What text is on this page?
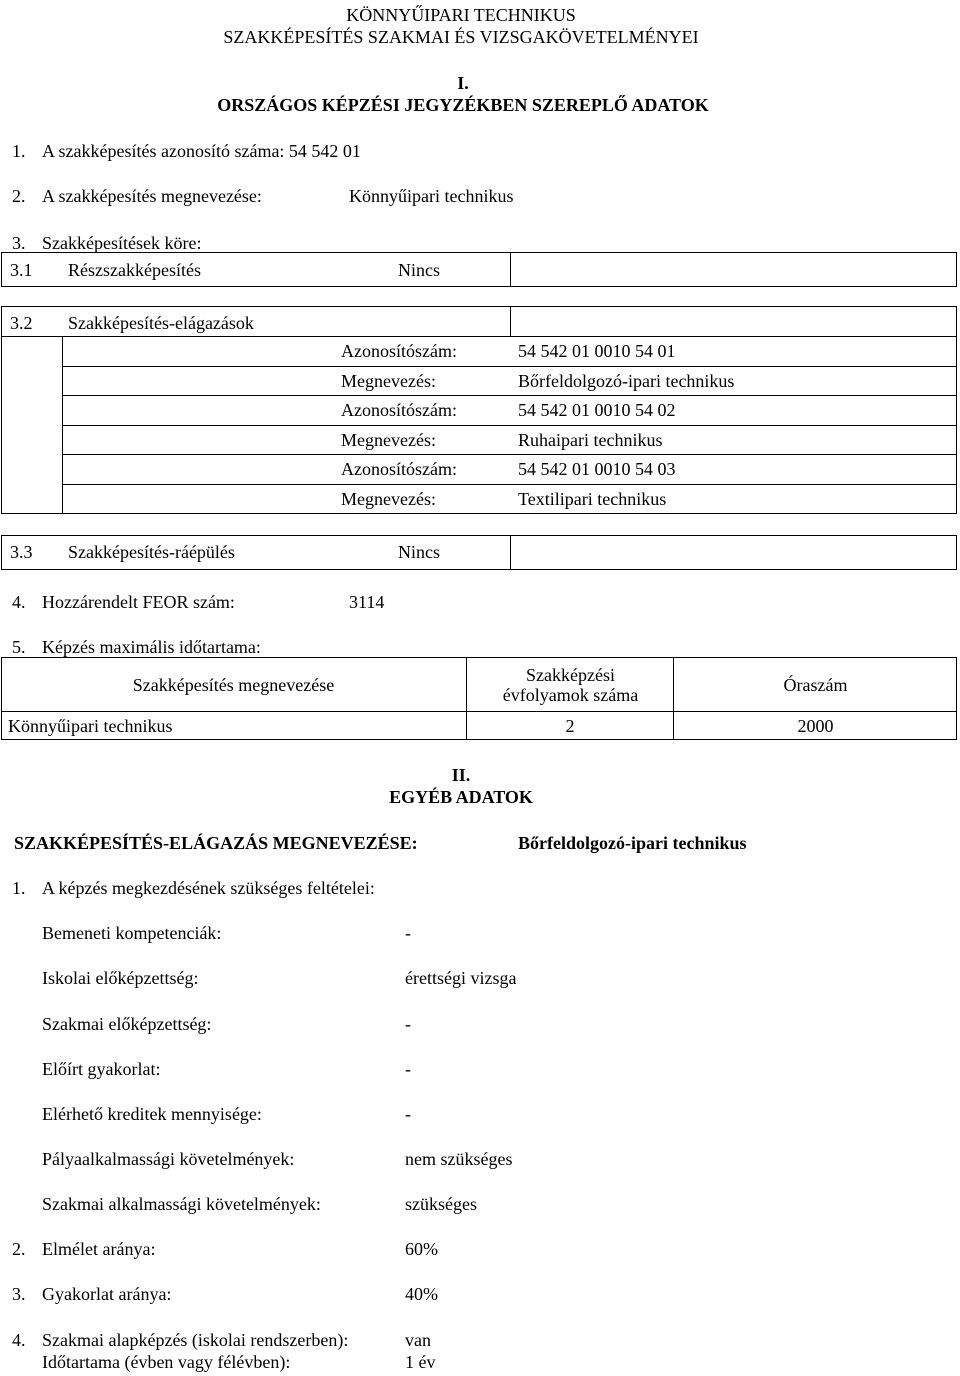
KÖNNYŰIPARI TECHNIKUS
SZAKKÉPESÍTÉS SZAKMAI ÉS VIZSGAKÖVETELMÉNYEI
I.
ORSZÁGOS KÉPZÉSI JEGYZÉKBEN SZEREPLŐ ADATOK
1. A szakképesítés azonosító száma: 54 542 01
2. A szakképesítés megnevezése:	Könnyűipari technikus
3. Szakképesítések köre:
3.1 Részszakképesítés	Nincs
3.2 Szakképesítés-elágazások
Azonosítószám:	54 542 01 0010 54 01
Megnevezés:	Bőrfeldolgozó-ipari technikus
Azonosítószám:	54 542 01 0010 54 02
Megnevezés:	Ruhaipari technikus
Azonosítószám:	54 542 01 0010 54 03
Megnevezés:	Textilipari technikus
3.3 Szakképesítés-ráépülés	Nincs
4. Hozzárendelt FEOR szám:	3114
5. Képzés maximális időtartama:
Szakképesítés megnevezése	Szakképzési évfolyamok száma	Óraszám
Könnyűipari technikus	2	2000
II.
EGYÉB ADATOK
SZAKKÉPESÍTÉS-ELÁGAZÁS MEGNEVEZÉSE:	Bőrfeldolgozó-ipari technikus
1. A képzés megkezdésének szükséges feltételei:
Bemeneti kompetenciák:	-
Iskolai előképzettség:	érettségi vizsga
Szakmai előképzettség:	-
Előírt gyakorlat:	-
Elérhető kreditek mennyisége:	-
Pályaalkalmassági követelmények:	nem szükséges
Szakmai alkalmassági követelmények:	szükséges
2. Elmélet aránya:	60%
3. Gyakorlat aránya:	40%
4. Szakmai alapképzés (iskolai rendszerben):	van
Időtartama (évben vagy félévben):	1 év
